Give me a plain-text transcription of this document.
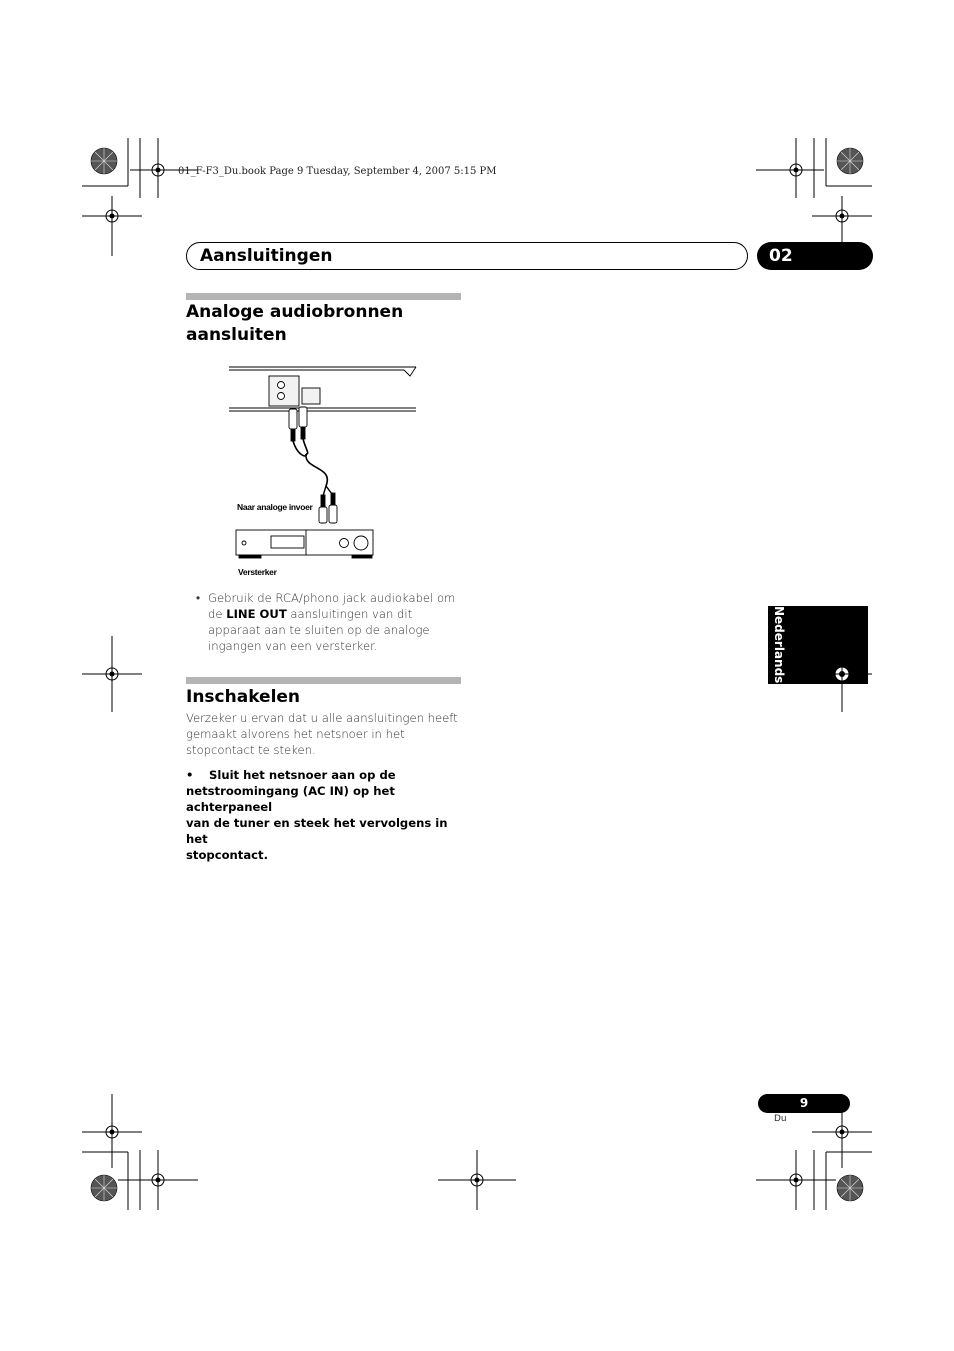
01_F-F3_Du.book Page 9 Tuesday, September 4, 2007 5:15 PM
Aansluitingen	02
Analoge audiobronnen
aansluiten
Naar analoge invoer
Versterker
• Gebruik de RCA/phono jack audiokabel om
de LINE OUT aansluitingen van dit
apparaat aan te sluiten op de analoge
ingangen van een versterker.
Inschakelen
Verzeker u ervan dat u alle aansluitingen heeft
gemaakt alvorens het netsnoer in het
stopcontact te steken.
• Sluit het netsnoer aan op de
netstroomingang (AC IN) op het achterpaneel
van de tuner en steek het vervolgens in het
stopcontact.
Nederlands
9
Du
